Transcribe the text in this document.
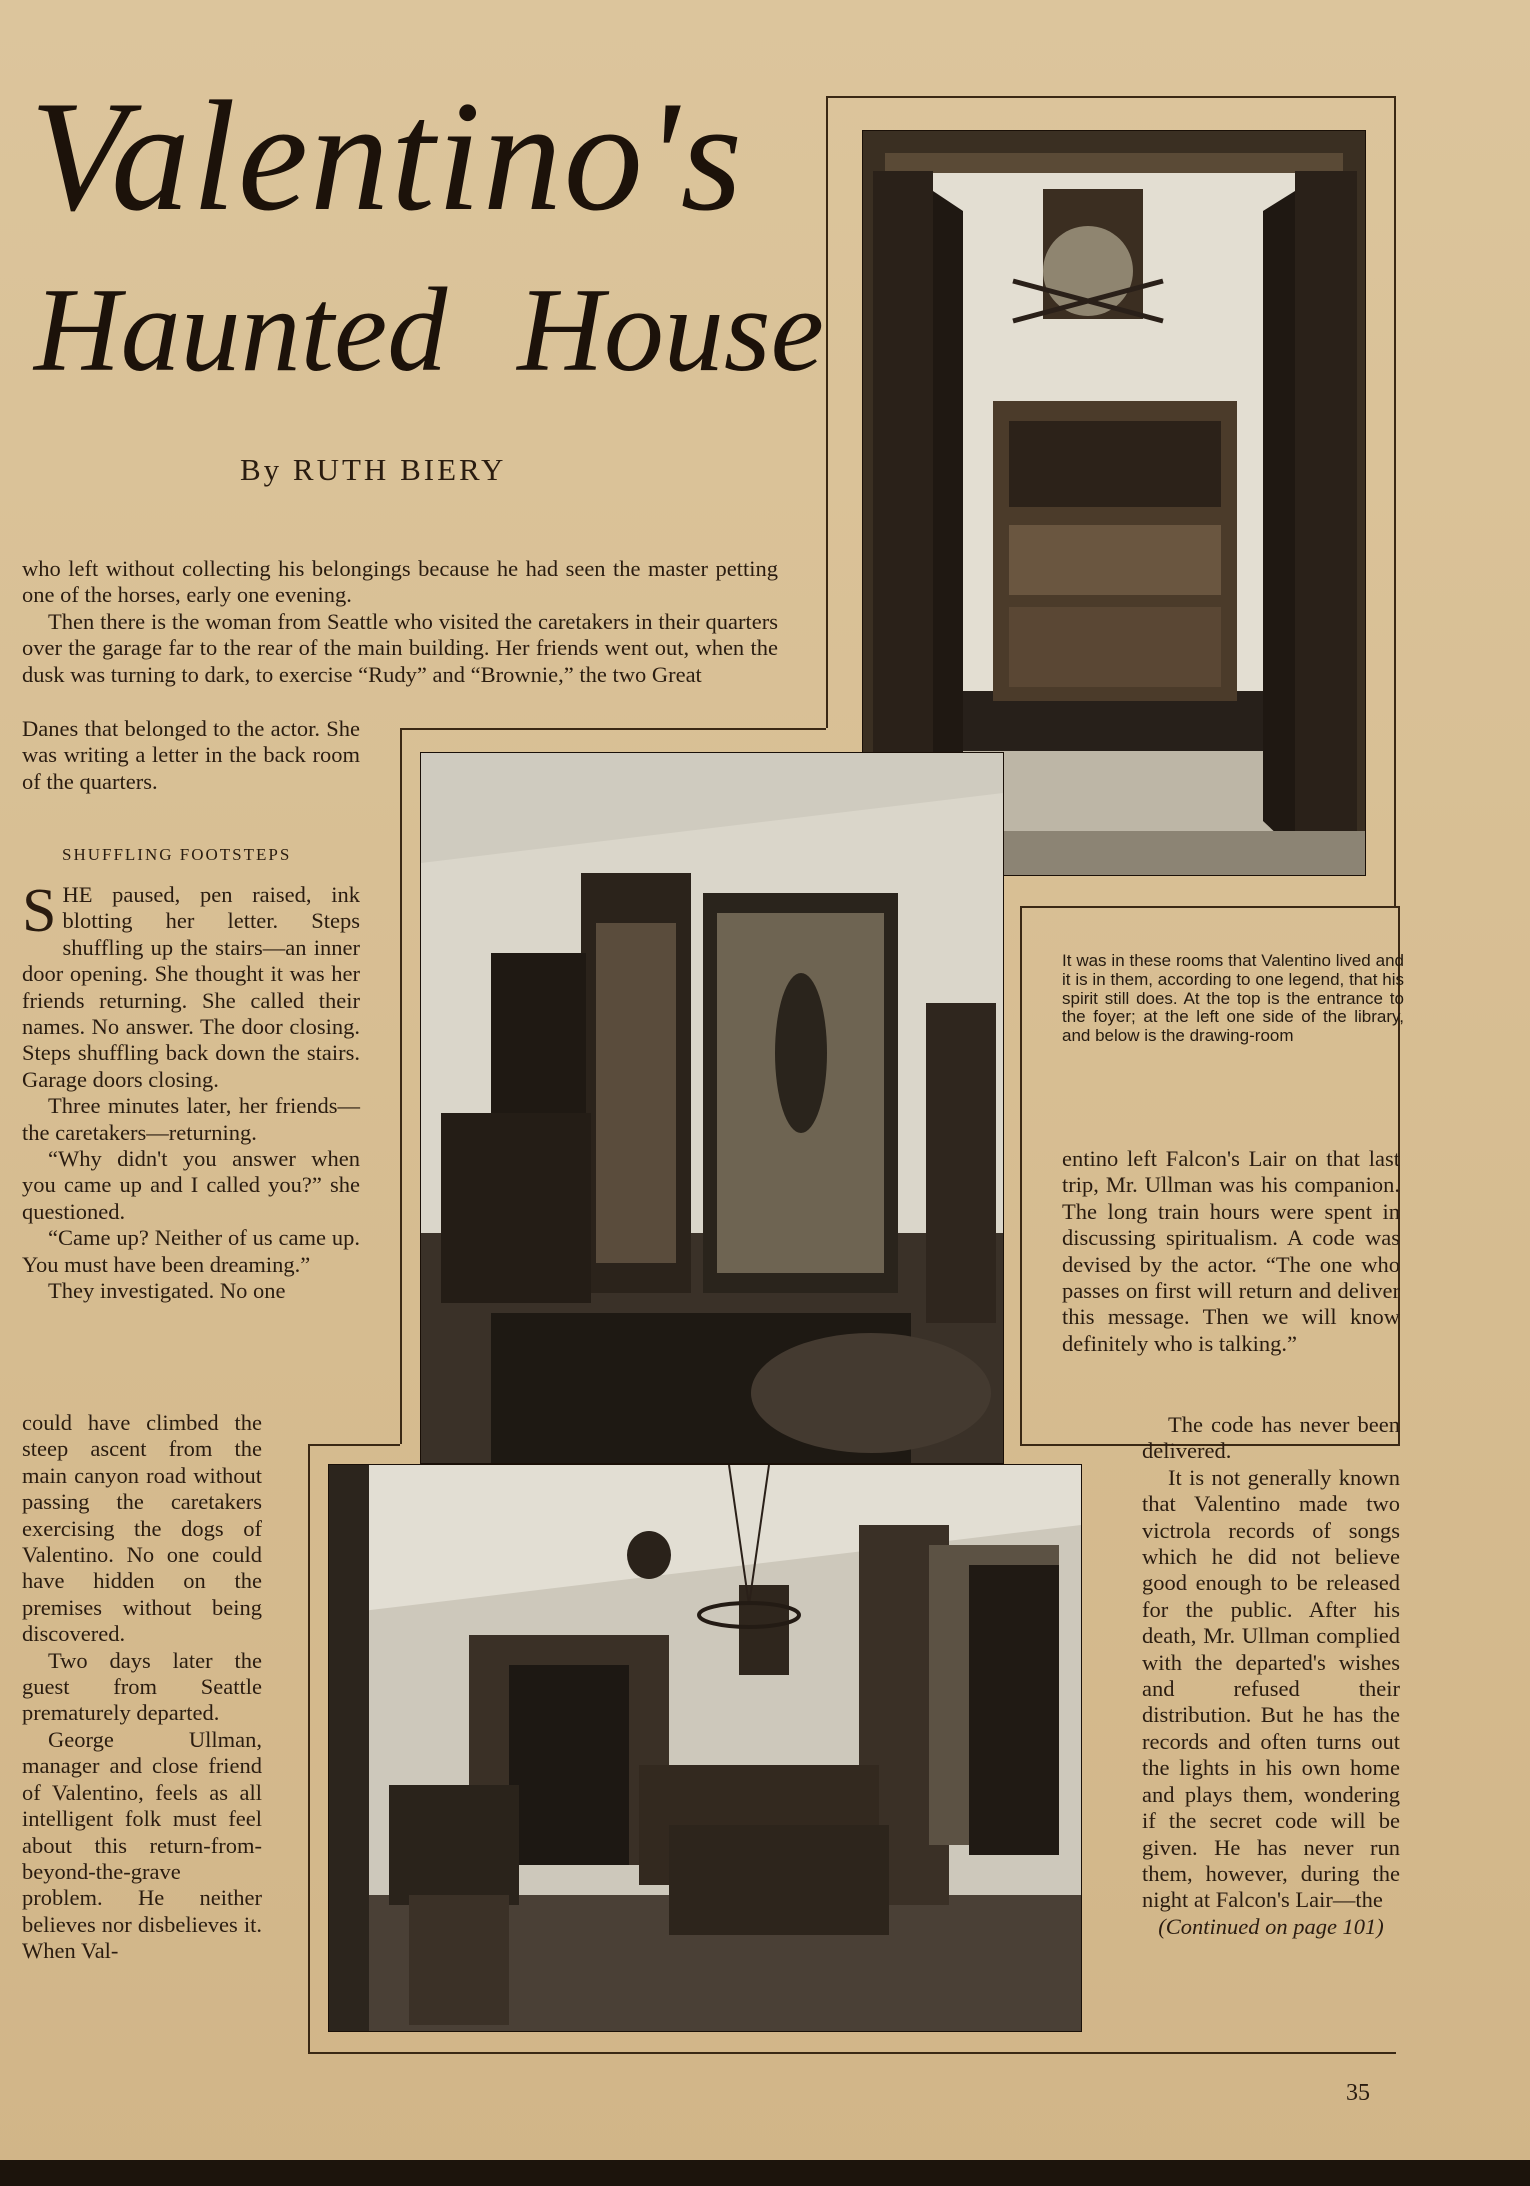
Valentino's
Haunted House
By RUTH BIERY

who left without collecting his belongings because he had seen the master petting one of the horses, early one evening.

Then there is the woman from Seattle who visited the caretakers in their quarters over the garage far to the rear of the main building. Her friends went out, when the dusk was turning to dark, to exercise “Rudy” and “Brownie,” the two Great

Danes that belonged to the actor. She was writing a letter in the back room of the quarters.

SHUFFLING FOOTSTEPS

SHE paused, pen raised, ink blotting her letter. Steps shuffling up the stairs—an inner door opening. She thought it was her friends returning. She called their names. No answer. The door closing. Steps shuffling back down the stairs. Garage doors closing.

Three minutes later, her friends—the caretakers—returning.

“Why didn't you answer when you came up and I called you?” she questioned.

“Came up? Neither of us came up. You must have been dreaming.”

They investigated. No one

could have climbed the steep ascent from the main canyon road without passing the caretakers exercising the dogs of Valentino. No one could have hidden on the premises without being discovered.

Two days later the guest from Seattle prematurely departed.

George Ullman, manager and close friend of Valentino, feels as all intelligent folk must feel about this return-from-beyond-the-grave problem. He neither believes nor disbelieves it. When Val-

It was in these rooms that Valentino lived and it is in them, according to one legend, that his spirit still does. At the top is the entrance to the foyer; at the left one side of the library, and below is the drawing-room

entino left Falcon's Lair on that last trip, Mr. Ullman was his companion. The long train hours were spent in discussing spiritualism. A code was devised by the actor. “The one who passes on first will return and deliver this message. Then we will know definitely who is talking.”

The code has never been delivered.

It is not generally known that Valentino made two victrola records of songs which he did not believe good enough to be released for the public. After his death, Mr. Ullman complied with the departed's wishes and refused their distribution. But he has the records and often turns out the lights in his own home and plays them, wondering if the secret code will be given. He has never run them, however, during the night at Falcon's Lair—the

(Continued on page 101)

35
